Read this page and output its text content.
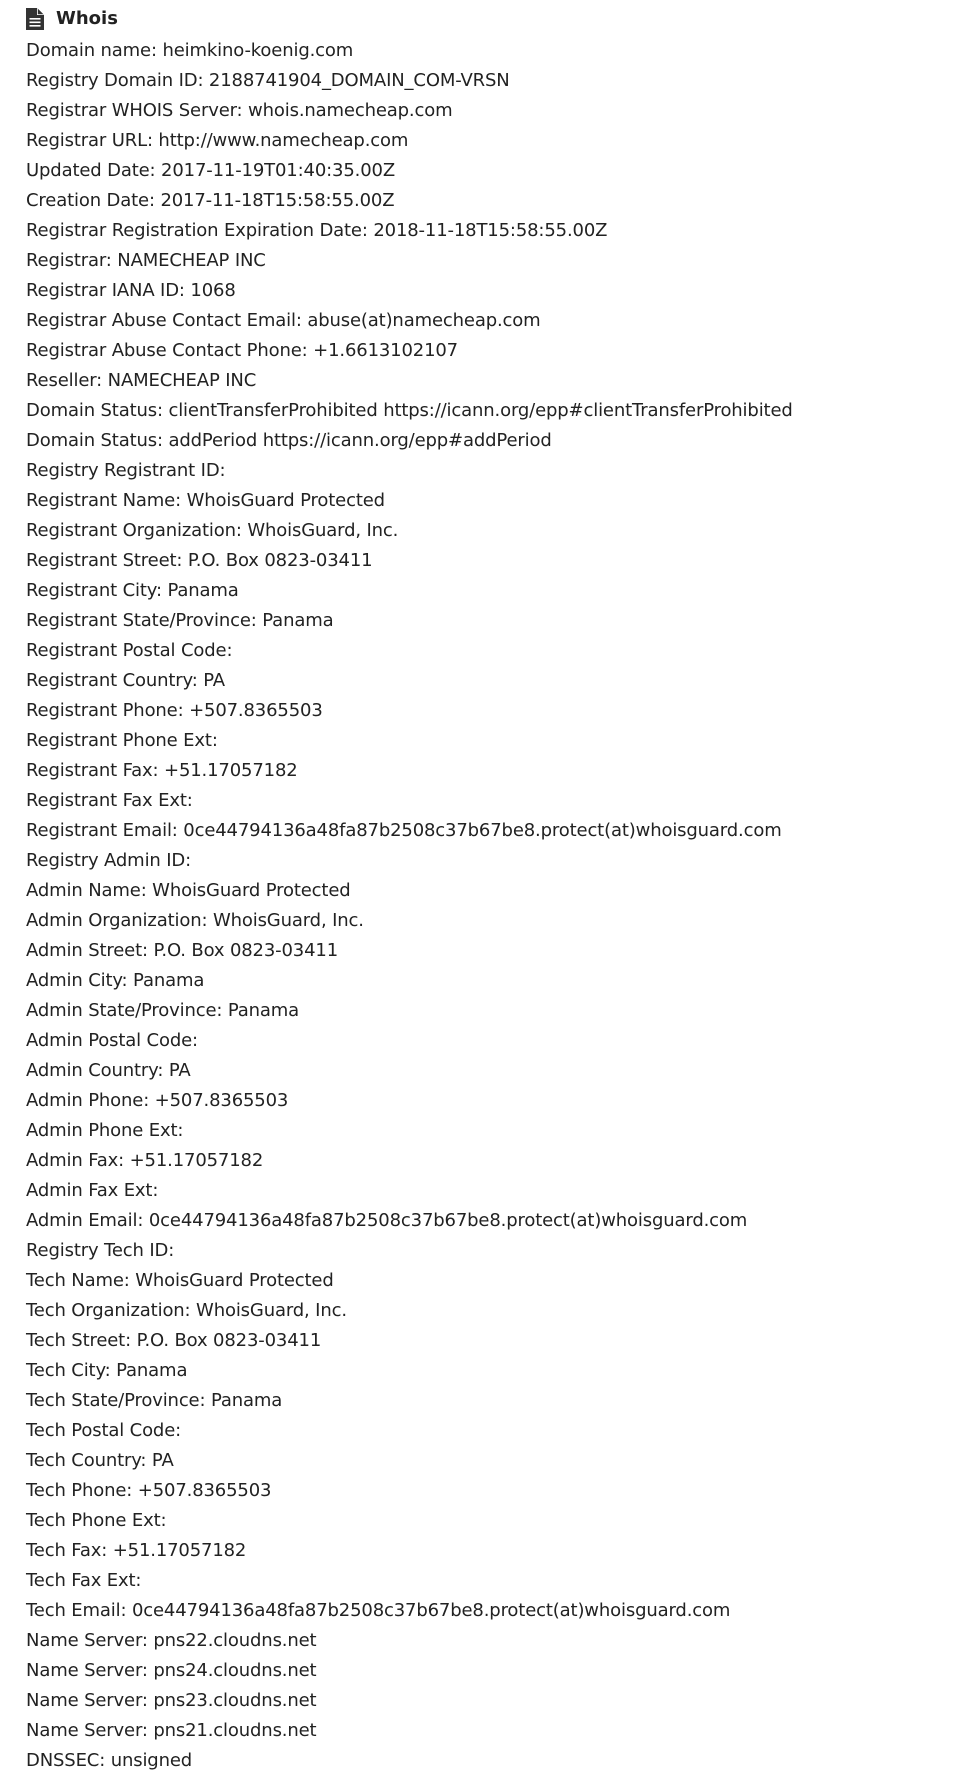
Whois
Domain name: heimkino-koenig.com
Registry Domain ID: 2188741904_DOMAIN_COM-VRSN
Registrar WHOIS Server: whois.namecheap.com
Registrar URL: http://www.namecheap.com
Updated Date: 2017-11-19T01:40:35.00Z
Creation Date: 2017-11-18T15:58:55.00Z
Registrar Registration Expiration Date: 2018-11-18T15:58:55.00Z
Registrar: NAMECHEAP INC
Registrar IANA ID: 1068
Registrar Abuse Contact Email: abuse(at)namecheap.com
Registrar Abuse Contact Phone: +1.6613102107
Reseller: NAMECHEAP INC
Domain Status: clientTransferProhibited https://icann.org/epp#clientTransferProhibited
Domain Status: addPeriod https://icann.org/epp#addPeriod
Registry Registrant ID:
Registrant Name: WhoisGuard Protected
Registrant Organization: WhoisGuard, Inc.
Registrant Street: P.O. Box 0823-03411
Registrant City: Panama
Registrant State/Province: Panama
Registrant Postal Code:
Registrant Country: PA
Registrant Phone: +507.8365503
Registrant Phone Ext:
Registrant Fax: +51.17057182
Registrant Fax Ext:
Registrant Email: 0ce44794136a48fa87b2508c37b67be8.protect(at)whoisguard.com
Registry Admin ID:
Admin Name: WhoisGuard Protected
Admin Organization: WhoisGuard, Inc.
Admin Street: P.O. Box 0823-03411
Admin City: Panama
Admin State/Province: Panama
Admin Postal Code:
Admin Country: PA
Admin Phone: +507.8365503
Admin Phone Ext:
Admin Fax: +51.17057182
Admin Fax Ext:
Admin Email: 0ce44794136a48fa87b2508c37b67be8.protect(at)whoisguard.com
Registry Tech ID:
Tech Name: WhoisGuard Protected
Tech Organization: WhoisGuard, Inc.
Tech Street: P.O. Box 0823-03411
Tech City: Panama
Tech State/Province: Panama
Tech Postal Code:
Tech Country: PA
Tech Phone: +507.8365503
Tech Phone Ext:
Tech Fax: +51.17057182
Tech Fax Ext:
Tech Email: 0ce44794136a48fa87b2508c37b67be8.protect(at)whoisguard.com
Name Server: pns22.cloudns.net
Name Server: pns24.cloudns.net
Name Server: pns23.cloudns.net
Name Server: pns21.cloudns.net
DNSSEC: unsigned
